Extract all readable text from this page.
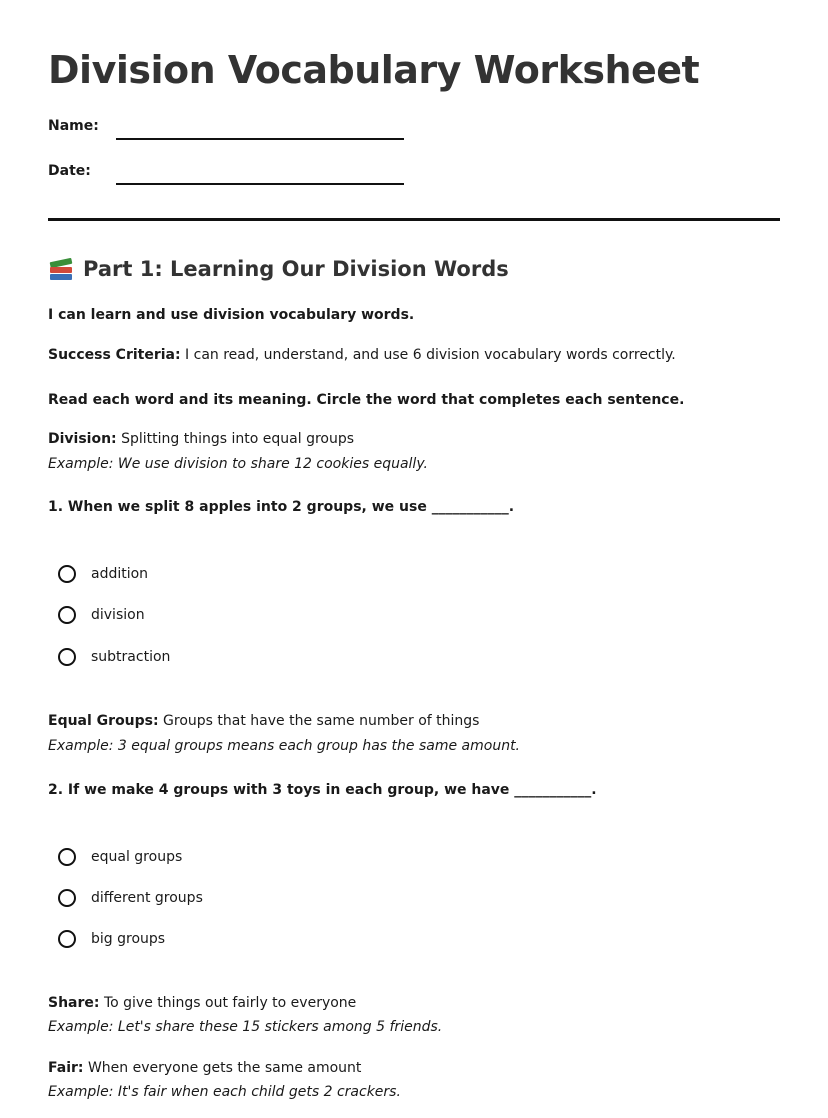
Division Vocabulary Worksheet
Name:
Date:
Part 1: Learning Our Division Words
I can learn and use division vocabulary words.
Success Criteria: I can read, understand, and use 6 division vocabulary words correctly.
Read each word and its meaning. Circle the word that completes each sentence.
Division: Splitting things into equal groups
Example: We use division to share 12 cookies equally.
1. When we split 8 apples into 2 groups, we use ___________.
addition
division
subtraction
Equal Groups: Groups that have the same number of things
Example: 3 equal groups means each group has the same amount.
2. If we make 4 groups with 3 toys in each group, we have ___________.
equal groups
different groups
big groups
Share: To give things out fairly to everyone
Example: Let's share these 15 stickers among 5 friends.
Fair: When everyone gets the same amount
Example: It's fair when each child gets 2 crackers.
